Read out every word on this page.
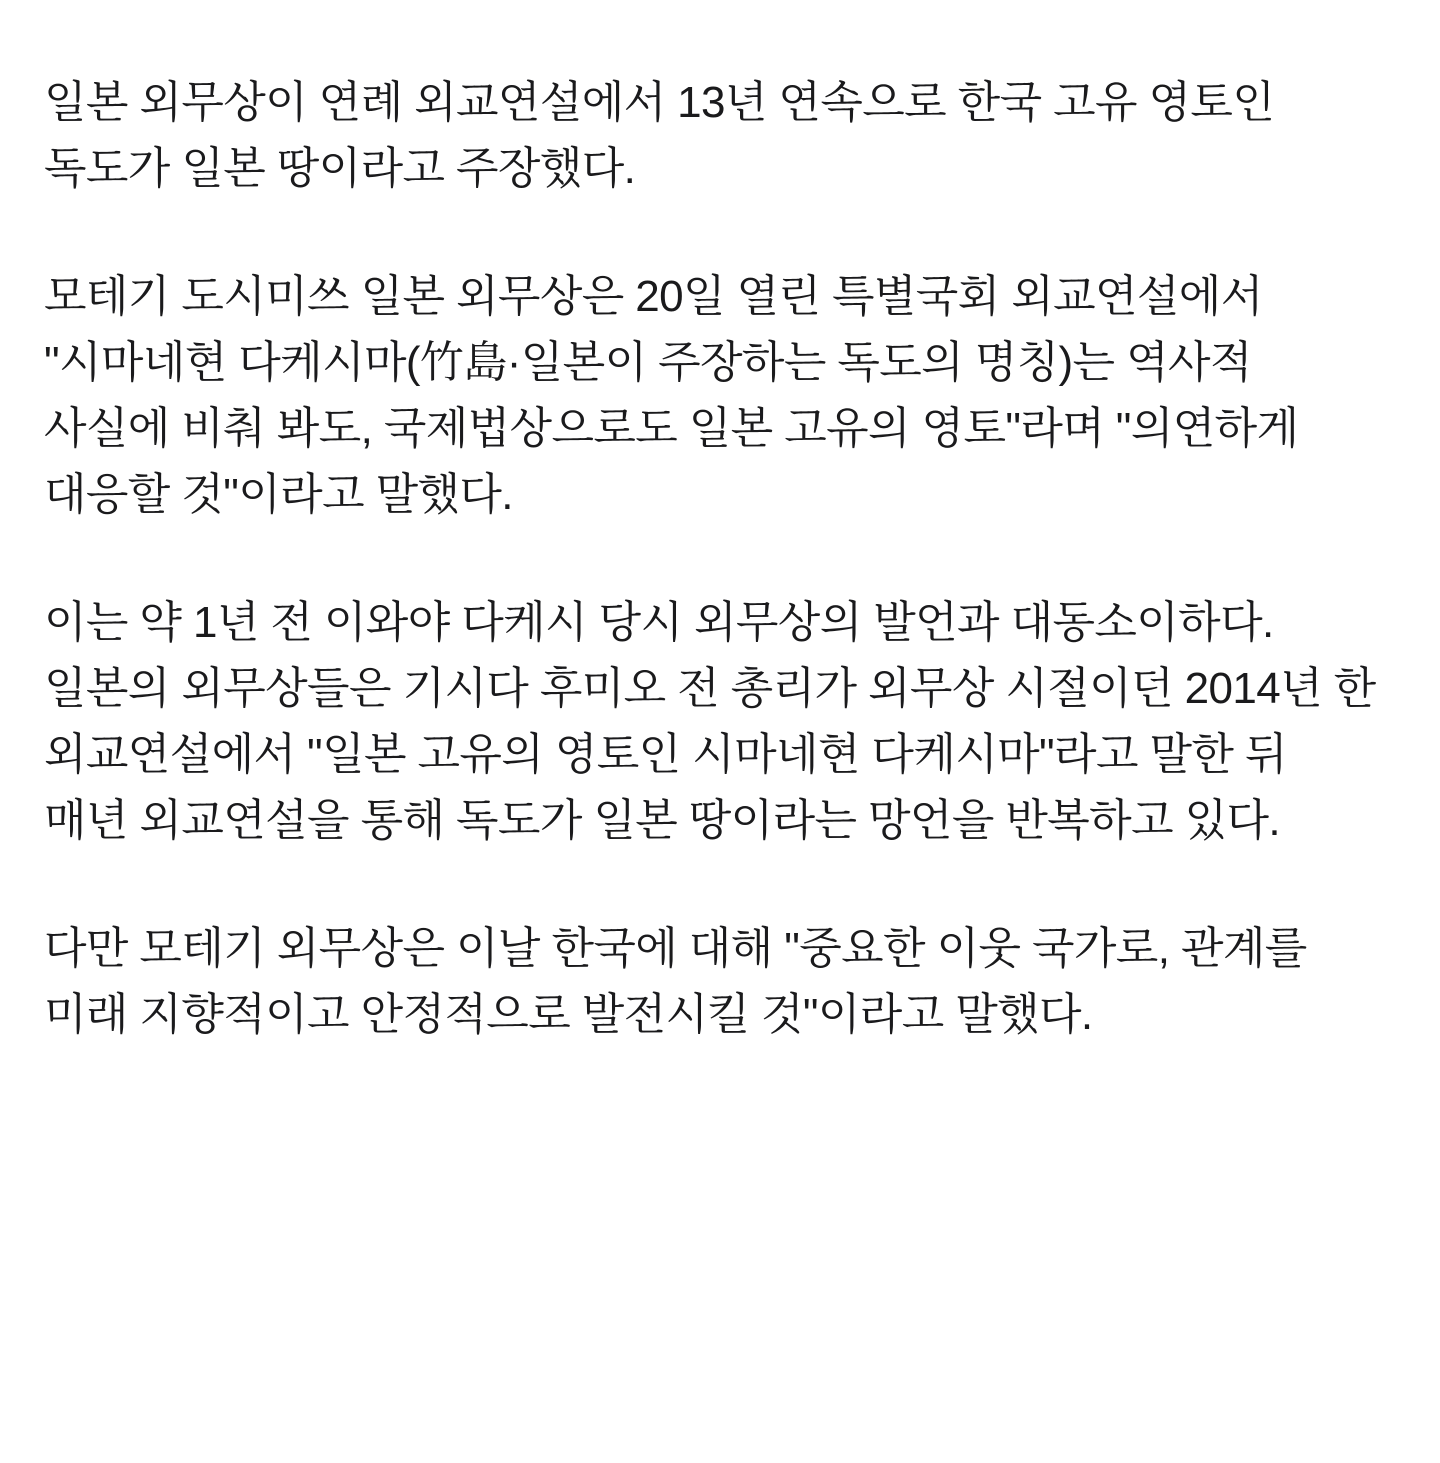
일본 외무상이 연례 외교연설에서 13년 연속으로 한국 고유 영토인 독도가 일본 땅이라고 주장했다.

모테기 도시미쓰 일본 외무상은 20일 열린 특별국회 외교연설에서 "시마네현 다케시마(竹島·일본이 주장하는 독도의 명칭)는 역사적 사실에 비춰 봐도, 국제법상으로도 일본 고유의 영토"라며 "의연하게 대응할 것"이라고 말했다.

이는 약 1년 전 이와야 다케시 당시 외무상의 발언과 대동소이하다. 일본의 외무상들은 기시다 후미오 전 총리가 외무상 시절이던 2014년 한 외교연설에서 "일본 고유의 영토인 시마네현 다케시마"라고 말한 뒤 매년 외교연설을 통해 독도가 일본 땅이라는 망언을 반복하고 있다.

다만 모테기 외무상은 이날 한국에 대해 "중요한 이웃 국가로, 관계를 미래 지향적이고 안정적으로 발전시킬 것"이라고 말했다.
